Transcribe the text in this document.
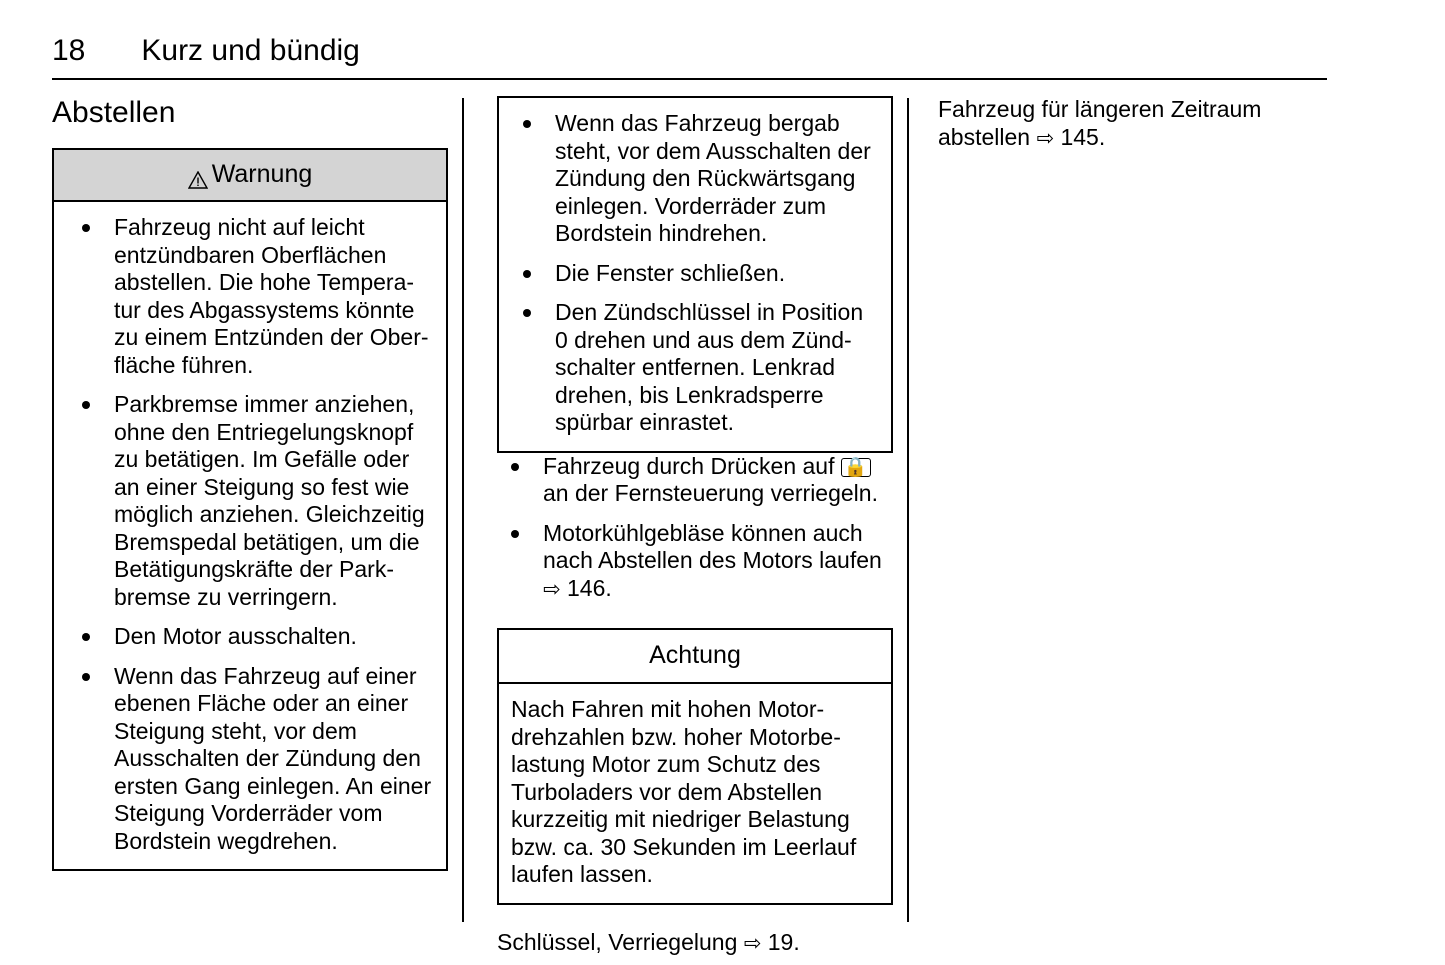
18 Kurz und bündig
Abstellen
Warnung
Fahrzeug nicht auf leicht entzündbaren Oberflächen abstellen. Die hohe Temperatur des Abgassystems könnte zu einem Entzünden der Oberfläche führen.
Parkbremse immer anziehen, ohne den Entriegelungsknopf zu betätigen. Im Gefälle oder an einer Steigung so fest wie möglich anziehen. Gleichzeitig Bremspedal betätigen, um die Betätigungskräfte der Parkbremse zu verringern.
Den Motor ausschalten.
Wenn das Fahrzeug auf einer ebenen Fläche oder an einer Steigung steht, vor dem Ausschalten der Zündung den ersten Gang einlegen. An einer Steigung Vorderräder vom Bordstein wegdrehen.
Wenn das Fahrzeug bergab steht, vor dem Ausschalten der Zündung den Rückwärtsgang einlegen. Vorderräder zum Bordstein hindrehen.
Die Fenster schließen.
Den Zündschlüssel in Position 0 drehen und aus dem Zündschalter entfernen. Lenkrad drehen, bis Lenkradsperre spürbar einrastet.
Fahrzeug durch Drücken auf 🔒 an der Fernsteuerung verriegeln.
Motorkühlgebläse können auch nach Abstellen des Motors laufen ⇨ 146.
Achtung
Nach Fahren mit hohen Motordrehzahlen bzw. hoher Motorbelastung Motor zum Schutz des Turboladers vor dem Abstellen kurzzeitig mit niedriger Belastung bzw. ca. 30 Sekunden im Leerlauf laufen lassen.
Schlüssel, Verriegelung ⇨ 19.
Fahrzeug für längeren Zeitraum abstellen ⇨ 145.
